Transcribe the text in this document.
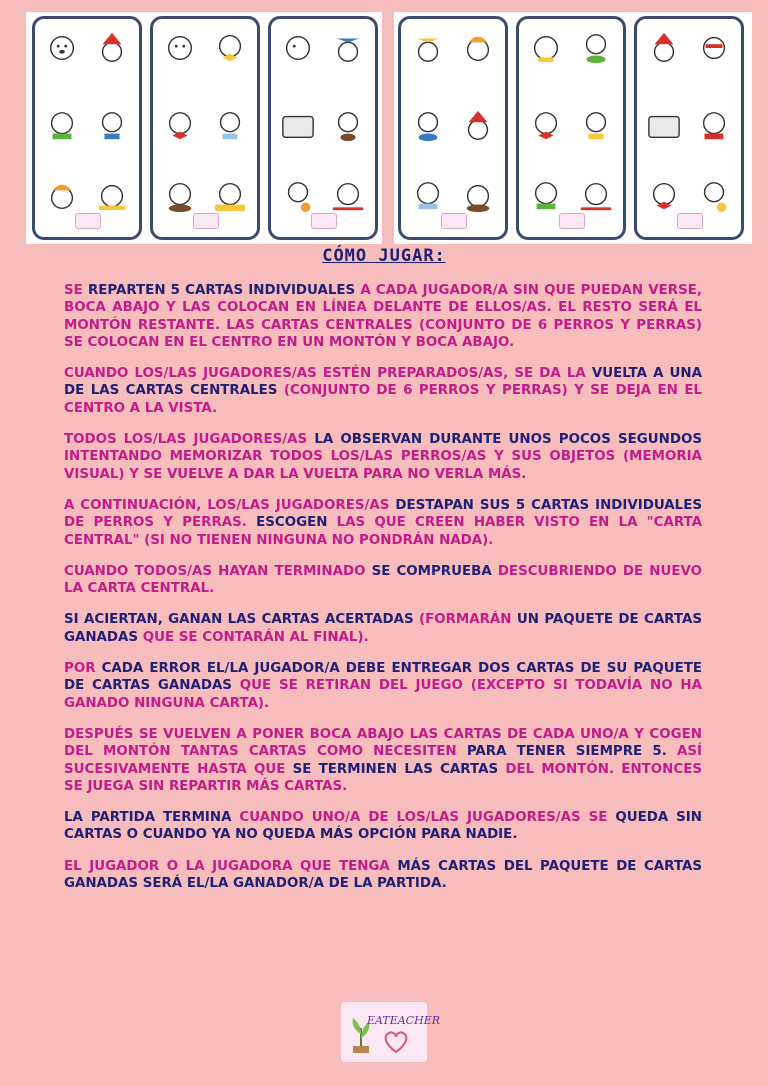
CÓMO JUGAR:

SE REPARTEN 5 CARTAS INDIVIDUALES A CADA JUGADOR/A SIN QUE PUEDAN VERSE, BOCA ABAJO Y LAS COLOCAN EN LÍNEA DELANTE DE ELLOS/AS. EL RESTO SERÁ EL MONTÓN RESTANTE. LAS CARTAS CENTRALES (CONJUNTO DE 6 PERROS Y PERRAS) SE COLOCAN EN EL CENTRO EN UN MONTÓN Y BOCA ABAJO.

CUANDO LOS/LAS JUGADORES/AS ESTÉN PREPARADOS/AS, SE DA LA VUELTA A UNA DE LAS CARTAS CENTRALES (CONJUNTO DE 6 PERROS Y PERRAS) Y SE DEJA EN EL CENTRO A LA VISTA.

TODOS LOS/LAS JUGADORES/AS LA OBSERVAN DURANTE UNOS POCOS SEGUNDOS INTENTANDO MEMORIZAR TODOS LOS/LAS PERROS/AS Y SUS OBJETOS (MEMORIA VISUAL) Y SE VUELVE A DAR LA VUELTA PARA NO VERLA MÁS.

A CONTINUACIÓN, LOS/LAS JUGADORES/AS DESTAPAN SUS 5 CARTAS INDIVIDUALES DE PERROS Y PERRAS. ESCOGEN LAS QUE CREEN HABER VISTO EN LA "CARTA CENTRAL" (SI NO TIENEN NINGUNA NO PONDRÁN NADA).

CUANDO TODOS/AS HAYAN TERMINADO SE COMPRUEBA DESCUBRIENDO DE NUEVO LA CARTA CENTRAL.

SI ACIERTAN, GANAN LAS CARTAS ACERTADAS (FORMARÁN UN PAQUETE DE CARTAS GANADAS QUE SE CONTARÁN AL FINAL).

POR CADA ERROR EL/LA JUGADOR/A DEBE ENTREGAR DOS CARTAS DE SU PAQUETE DE CARTAS GANADAS QUE SE RETIRAN DEL JUEGO (EXCEPTO SI TODAVÍA NO HA GANADO NINGUNA CARTA).

DESPUÉS SE VUELVEN A PONER BOCA ABAJO LAS CARTAS DE CADA UNO/A Y COGEN DEL MONTÓN TANTAS CARTAS COMO NECESITEN PARA TENER SIEMPRE 5. ASÍ SUCESIVAMENTE HASTA QUE SE TERMINEN LAS CARTAS DEL MONTÓN. ENTONCES SE JUEGA SIN REPARTIR MÁS CARTAS.

LA PARTIDA TERMINA CUANDO UNO/A DE LOS/LAS JUGADORES/AS SE QUEDA SIN CARTAS O CUANDO YA NO QUEDA MÁS OPCIÓN PARA NADIE.

EL JUGADOR O LA JUGADORA QUE TENGA MÁS CARTAS DEL PAQUETE DE CARTAS GANADAS SERÁ EL/LA GANADOR/A DE LA PARTIDA.

EATEACHER
